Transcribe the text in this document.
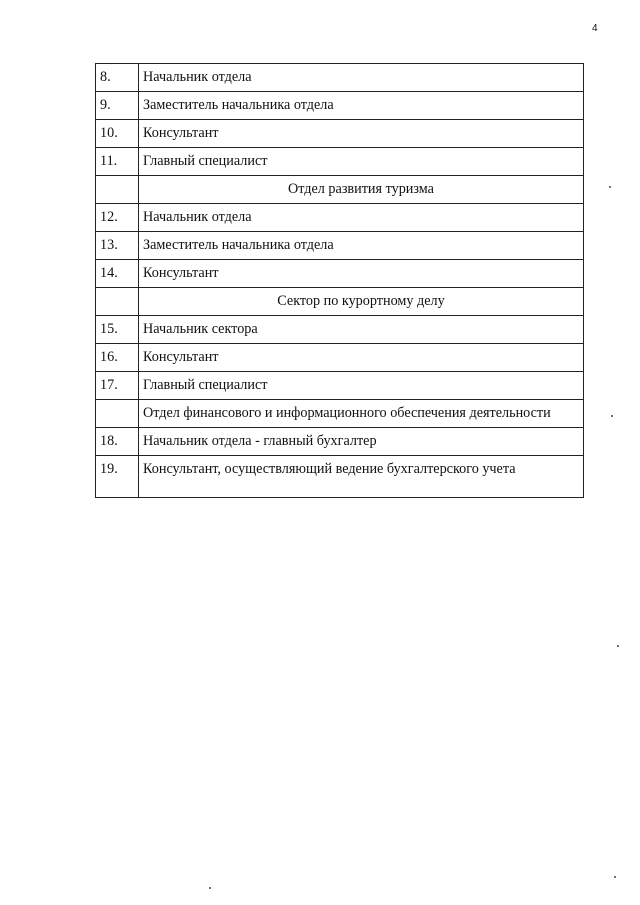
4
8.	Начальник отдела
9.	Заместитель начальника отдела
10.	Консультант
11.	Главный специалист
	Отдел развития туризма
12.	Начальник отдела
13.	Заместитель начальника отдела
14.	Консультант
	Сектор по курортному делу
15.	Начальник сектора
16.	Консультант
17.	Главный специалист
	Отдел финансового и информационного обеспечения деятельности
18.	Начальник отдела - главный бухгалтер
19.	Консультант, осуществляющий ведение бухгалтерского учета
